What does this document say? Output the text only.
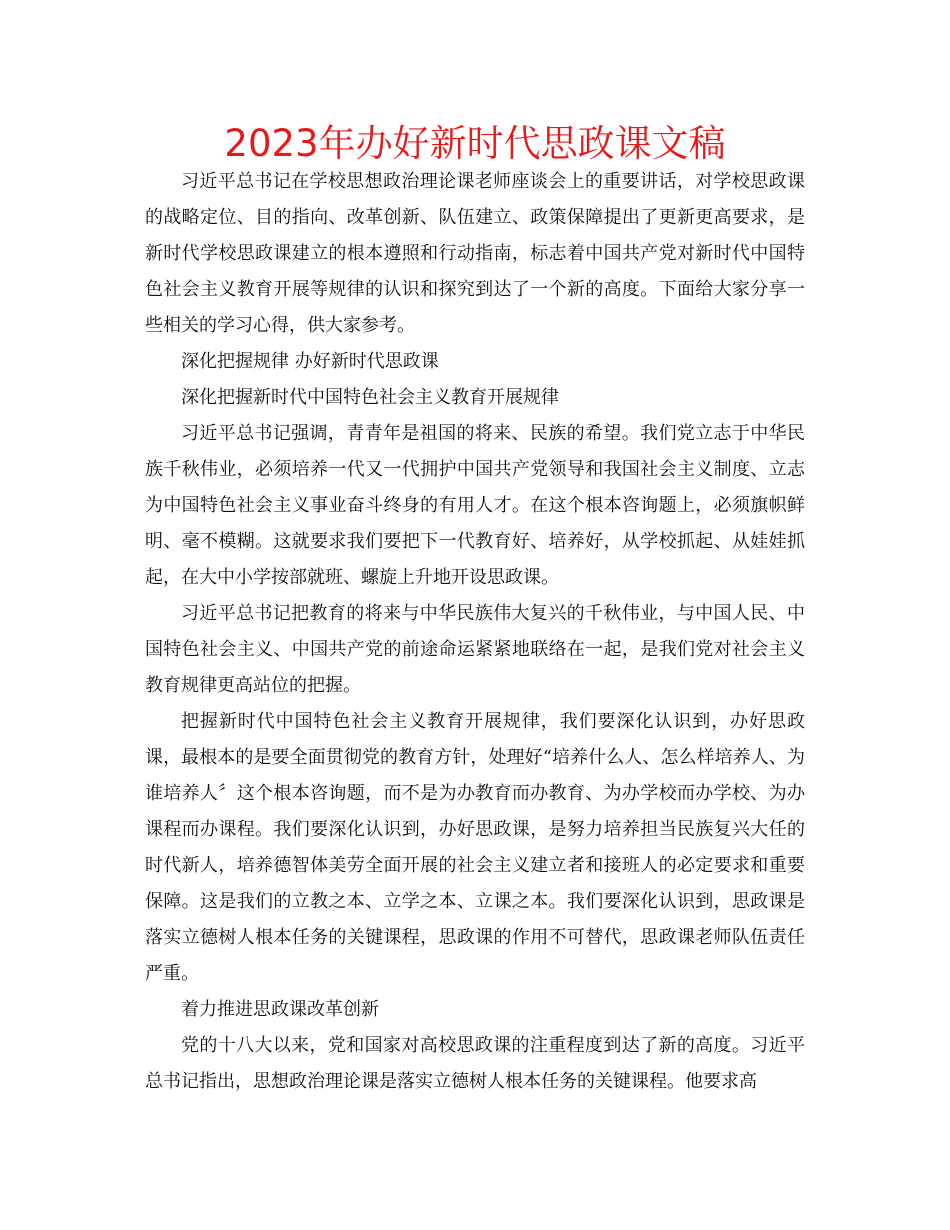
2023年办好新时代思政课文稿

习近平总书记在学校思想政治理论课老师座谈会上的重要讲话，对学校思政课的战略定位、目的指向、改革创新、队伍建立、政策保障提出了更新更高要求，是新时代学校思政课建立的根本遵照和行动指南，标志着中国共产党对新时代中国特色社会主义教育开展等规律的认识和探究到达了一个新的高度。下面给大家分享一些相关的学习心得，供大家参考。

深化把握规律 办好新时代思政课

深化把握新时代中国特色社会主义教育开展规律

习近平总书记强调，青青年是祖国的将来、民族的希望。我们党立志于中华民族千秋伟业，必须培养一代又一代拥护中国共产党领导和我国社会主义制度、立志为中国特色社会主义事业奋斗终身的有用人才。在这个根本咨询题上，必须旗帜鲜明、毫不模糊。这就要求我们要把下一代教育好、培养好，从学校抓起、从娃娃抓起，在大中小学按部就班、螺旋上升地开设思政课。

习近平总书记把教育的将来与中华民族伟大复兴的千秋伟业，与中国人民、中国特色社会主义、中国共产党的前途命运紧紧地联络在一起，是我们党对社会主义教育规律更高站位的把握。

把握新时代中国特色社会主义教育开展规律，我们要深化认识到，办好思政课，最根本的是要全面贯彻党的教育方针，处理好“培养什么人、怎么样培养人、为谁培养人〞这个根本咨询题，而不是为办教育而办教育、为办学校而办学校、为办课程而办课程。我们要深化认识到，办好思政课，是努力培养担当民族复兴大任的时代新人，培养德智体美劳全面开展的社会主义建立者和接班人的必定要求和重要保障。这是我们的立教之本、立学之本、立课之本。我们要深化认识到，思政课是落实立德树人根本任务的关键课程，思政课的作用不可替代，思政课老师队伍责任严重。

着力推进思政课改革创新

党的十八大以来，党和国家对高校思政课的注重程度到达了新的高度。习近平总书记指出，思想政治理论课是落实立德树人根本任务的关键课程。他要求高
